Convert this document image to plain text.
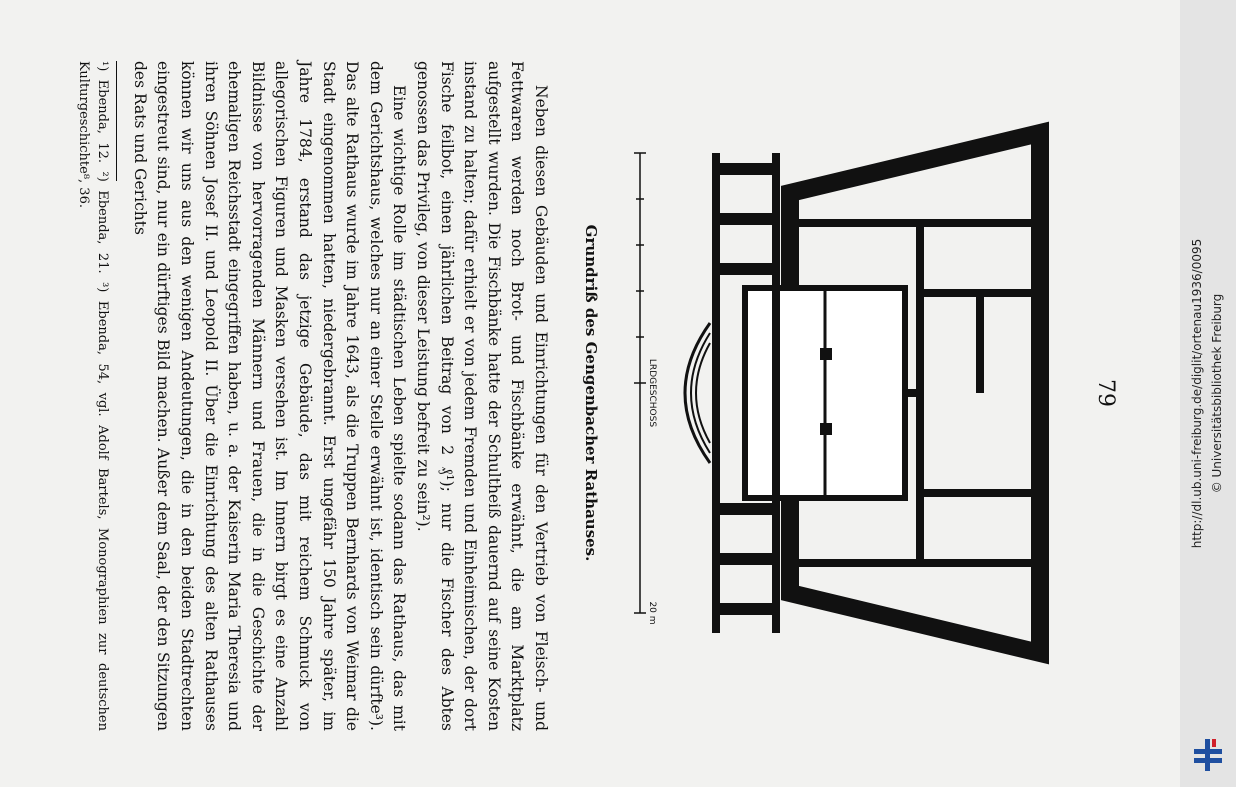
79
LRDGESCHOSS
20 m
Grundriß des Gengenbacher Rathauses.

Neben diesen Gebäuden und Einrichtungen für den Vertrieb von Fleisch- und Fettwaren werden noch Brot- und Fischbänke erwähnt, die am Marktplatz aufgestellt wurden. Die Fischbänke hatte der Schultheiß dauernd auf seine Kosten instand zu halten; dafür erhielt er von jedem Fremden und Einheimischen, der dort Fische feilbot, einen jährlichen Beitrag von 2 ₰¹); nur die Fischer des Abtes genossen das Privileg, von dieser Leistung befreit zu sein²).

Eine wichtige Rolle im städtischen Leben spielte sodann das Rathaus, das mit dem Gerichtshaus, welches nur an einer Stelle erwähnt ist, identisch sein dürfte³). Das alte Rathaus wurde im Jahre 1643, als die Truppen Bernhards von Weimar die Stadt eingenommen hatten, niedergebrannt. Erst ungefähr 150 Jahre später, im Jahre 1784, erstand das jetzige Gebäude, das mit reichem Schmuck von allegorischen Figuren und Masken versehen ist. Im Innern birgt es eine Anzahl Bildnisse von hervorragenden Männern und Frauen, die in die Geschichte der ehemaligen Reichsstadt eingegriffen haben, u. a. der Kaiserin Maria Theresia und ihren Söhnen Josef II. und Leopold II. Über die Einrichtung des alten Rathauses können wir uns aus den wenigen Andeutungen, die in den beiden Stadtrechten eingestreut sind, nur ein dürftiges Bild machen. Außer dem Saal, der den Sitzungen des Rats und Gerichts

¹) Ebenda, 12. ²) Ebenda, 21. ³) Ebenda, 54, vgl. Adolf Bartels, Monographien zur deutschen Kulturgeschichte⁸, 36.
http://dl.ub.uni-freiburg.de/diglit/ortenau1936/0095 © Universitätsbibliothek Freiburg
